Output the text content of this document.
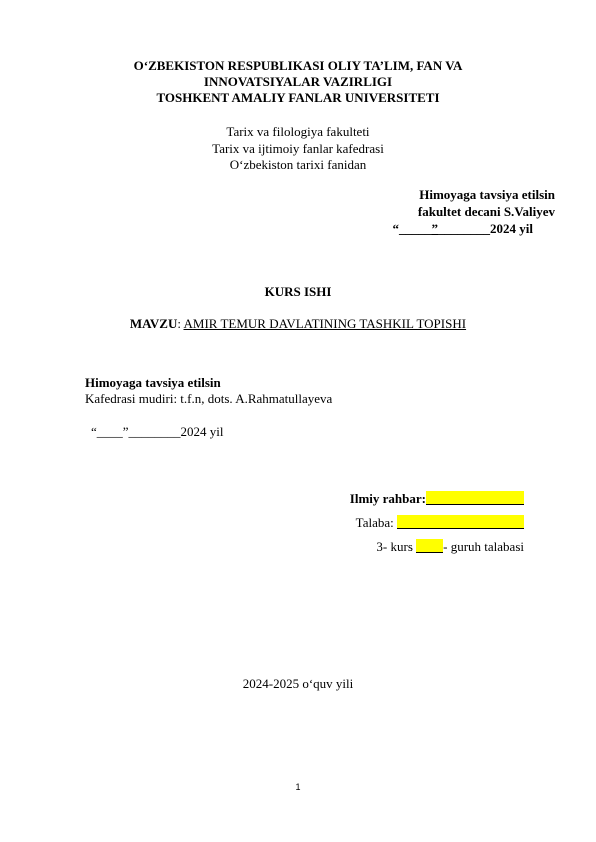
O‘ZBEKISTON RESPUBLIKASI OLIY TA’LIM, FAN VA
INNOVATSIYALAR VAZIRLIGI
TOSHKENT AMALIY FANLAR UNIVERSITETI
Tarix va filologiya fakulteti
Tarix va ijtimoiy fanlar kafedrasi
O‘zbekiston tarixi fanidan
Himoyaga tavsiya etilsin
fakultet decani S.Valiyev
“_____”________2024 yil
KURS ISHI
MAVZU: AMIR TEMUR DAVLATINING TASHKIL TOPISHI
Himoyaga tavsiya etilsin
Kafedrasi mudiri: t.f.n, dots. A.Rahmatullayeva
“____”________2024 yil
Ilmiy rahbar:
Talaba:
3- kurs - guruh talabasi
2024-2025 o‘quv yili
1
